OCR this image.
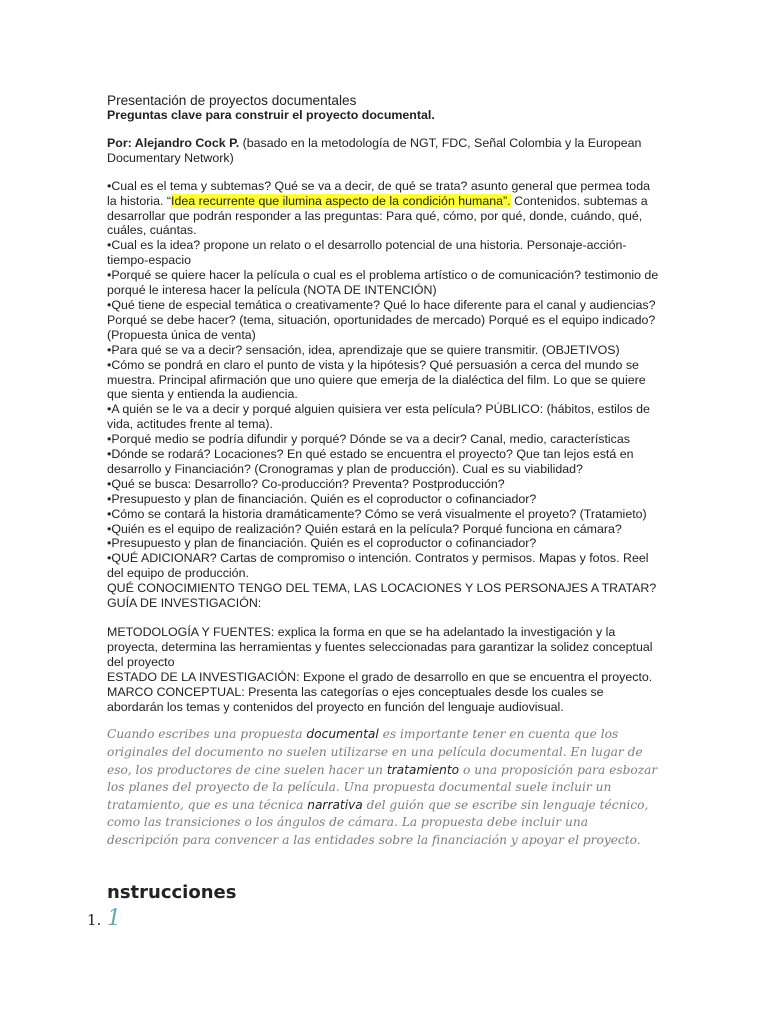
Presentación de proyectos documentales

Preguntas clave para construir el proyecto documental.

Por: Alejandro Cock P. (basado en la metodología de NGT, FDC, Señal Colombia y la European Documentary Network)

•Cual es el tema y subtemas? Qué se va a decir, de qué se trata? asunto general que permea toda la historia. “Idea recurrente que ilumina aspecto de la condición humana”. Contenidos. subtemas a desarrollar que podrán responder a las preguntas: Para qué, cómo, por qué, donde, cuándo, qué, cuáles, cuántas.

•Cual es la idea? propone un relato o el desarrollo potencial de una historia. Personaje-acción-tiempo-espacio

•Porqué se quiere hacer la película o cual es el problema artístico o de comunicación? testimonio de porqué le interesa hacer la película (NOTA DE INTENCIÓN)

•Qué tiene de especial temática o creativamente? Qué lo hace diferente para el canal y audiencias? Porqué se debe hacer? (tema, situación, oportunidades de mercado) Porqué es el equipo indicado? (Propuesta única de venta)

•Para qué se va a decir? sensación, idea, aprendizaje que se quiere transmitir. (OBJETIVOS)

•Cómo se pondrá en claro el punto de vista y la hipótesis? Qué persuasión a cerca del mundo se muestra. Principal afirmación que uno quiere que emerja de la dialéctica del film. Lo que se quiere que sienta y entienda la audiencia.

•A quién se le va a decir y porqué alguien quisiera ver esta película? PÚBLICO: (hábitos, estilos de vida, actitudes frente al tema).

•Porqué medio se podría difundir y porqué? Dónde se va a decir? Canal, medio, características

•Dónde se rodará? Locaciones? En qué estado se encuentra el proyecto? Que tan lejos está en desarrollo y Financiación? (Cronogramas y plan de producción). Cual es su viabilidad?

•Qué se busca: Desarrollo? Co-producción? Preventa? Postproducción?

•Presupuesto y plan de financiación. Quién es el coproductor o cofinanciador?

•Cómo se contará la historia dramáticamente? Cómo se verá visualmente el proyeto? (Tratamieto)

•Quién es el equipo de realización? Quién estará en la película? Porqué funciona en cámara?

•Presupuesto y plan de financiación. Quién es el coproductor o cofinanciador?

•QUÉ ADICIONAR? Cartas de compromiso o intención. Contratos y permisos. Mapas y fotos. Reel del equipo de producción.

QUÉ CONOCIMIENTO TENGO DEL TEMA, LAS LOCACIONES Y LOS PERSONAJES A TRATAR? GUÍA DE INVESTIGACIÓN:

METODOLOGÍA Y FUENTES: explica la forma en que se ha adelantado la investigación y la proyecta, determina las herramientas y fuentes seleccionadas para garantizar la solidez conceptual del proyecto

ESTADO DE LA INVESTIGACIÓN: Expone el grado de desarrollo en que se encuentra el proyecto.

MARCO CONCEPTUAL: Presenta las categorías o ejes conceptuales desde los cuales se abordarán los temas y contenidos del proyecto en función del lenguaje audiovisual.

Cuando escribes una propuesta documental es importante tener en cuenta que los originales del documento no suelen utilizarse en una película documental. En lugar de eso, los productores de cine suelen hacer un tratamiento o una proposición para esbozar los planes del proyecto de la película. Una propuesta documental suele incluir un tratamiento, que es una técnica narrativa del guión que se escribe sin lenguaje técnico, como las transiciones o los ángulos de cámara. La propuesta debe incluir una descripción para convencer a las entidades sobre la financiación y apoyar el proyecto.

nstrucciones
1. 1
